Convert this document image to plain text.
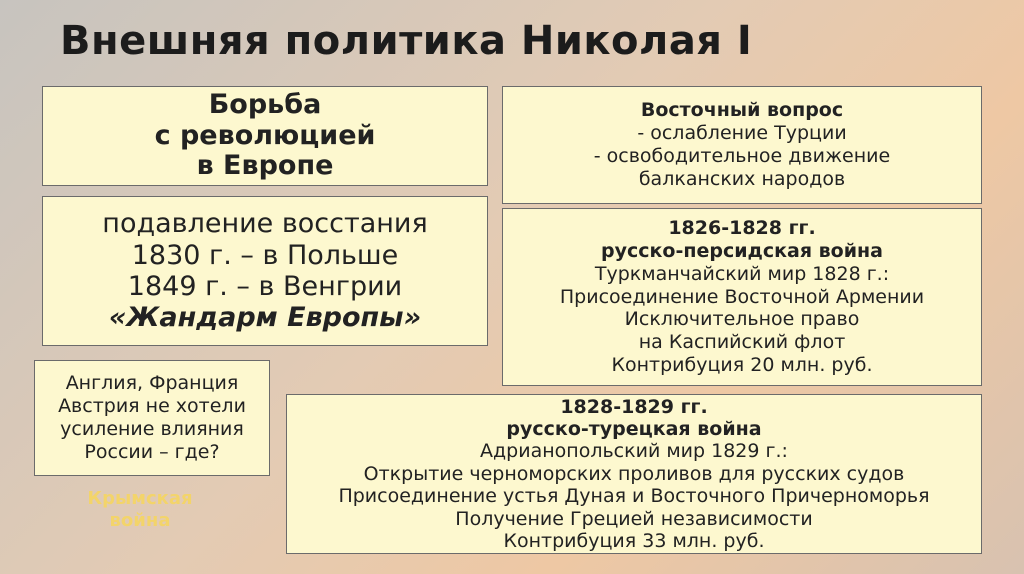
Внешняя политика Николая I
Борьба
с революцией
в Европе
подавление восстания
1830 г. – в Польше
1849 г. – в Венгрии
«Жандарм Европы»
Восточный вопрос
- ослабление Турции
- освободительное движение
балканских народов
1826-1828 гг.
русско-персидская война
Туркманчайский мир 1828 г.:
Присоединение Восточной Армении
Исключительное право
на Каспийский флот
Контрибуция 20 млн. руб.
Англия, Франция
Австрия не хотели
усиление влияния
России – где?
1828-1829 гг.
русско-турецкая война
Адрианопольский мир 1829 г.:
Открытие черноморских проливов для русских судов
Присоединение устья Дуная и Восточного Причерноморья
Получение Грецией независимости
Контрибуция 33 млн. руб.
Крымская
война
